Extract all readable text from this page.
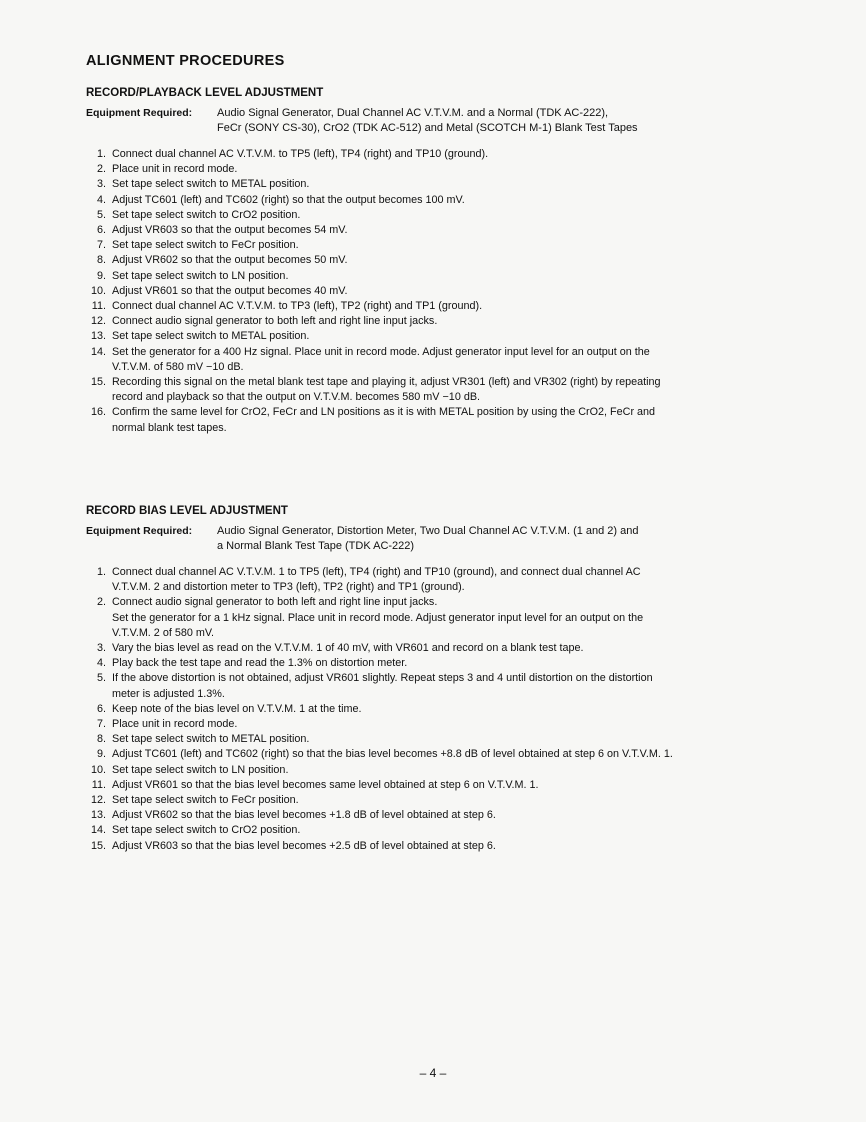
ALIGNMENT PROCEDURES
RECORD/PLAYBACK LEVEL ADJUSTMENT
Equipment Required:	Audio Signal Generator, Dual Channel AC V.T.V.M. and a Normal (TDK AC-222),
FeCr (SONY CS-30), CrO2 (TDK AC-512) and Metal (SCOTCH M-1) Blank Test Tapes
1. Connect dual channel AC V.T.V.M. to TP5 (left), TP4 (right) and TP10 (ground).
2. Place unit in record mode.
3. Set tape select switch to METAL position.
4. Adjust TC601 (left) and TC602 (right) so that the output becomes 100 mV.
5. Set tape select switch to CrO2 position.
6. Adjust VR603 so that the output becomes 54 mV.
7. Set tape select switch to FeCr position.
8. Adjust VR602 so that the output becomes 50 mV.
9. Set tape select switch to LN position.
10. Adjust VR601 so that the output becomes 40 mV.
11. Connect dual channel AC V.T.V.M. to TP3 (left), TP2 (right) and TP1 (ground).
12. Connect audio signal generator to both left and right line input jacks.
13. Set tape select switch to METAL position.
14. Set the generator for a 400 Hz signal. Place unit in record mode. Adjust generator input level for an output on the
V.T.V.M. of 580 mV −10 dB.
15. Recording this signal on the metal blank test tape and playing it, adjust VR301 (left) and VR302 (right) by repeating
record and playback so that the output on V.T.V.M. becomes 580 mV −10 dB.
16. Confirm the same level for CrO2, FeCr and LN positions as it is with METAL position by using the CrO2, FeCr and
normal blank test tapes.
RECORD BIAS LEVEL ADJUSTMENT
Equipment Required:	Audio Signal Generator, Distortion Meter, Two Dual Channel AC V.T.V.M. (1 and 2) and
a Normal Blank Test Tape (TDK AC-222)
1. Connect dual channel AC V.T.V.M. 1 to TP5 (left), TP4 (right) and TP10 (ground), and connect dual channel AC
V.T.V.M. 2 and distortion meter to TP3 (left), TP2 (right) and TP1 (ground).
2. Connect audio signal generator to both left and right line input jacks.
Set the generator for a 1 kHz signal. Place unit in record mode. Adjust generator input level for an output on the
V.T.V.M. 2 of 580 mV.
3. Vary the bias level as read on the V.T.V.M. 1 of 40 mV, with VR601 and record on a blank test tape.
4. Play back the test tape and read the 1.3% on distortion meter.
5. If the above distortion is not obtained, adjust VR601 slightly. Repeat steps 3 and 4 until distortion on the distortion
meter is adjusted 1.3%.
6. Keep note of the bias level on V.T.V.M. 1 at the time.
7. Place unit in record mode.
8. Set tape select switch to METAL position.
9. Adjust TC601 (left) and TC602 (right) so that the bias level becomes +8.8 dB of level obtained at step 6 on V.T.V.M. 1.
10. Set tape select switch to LN position.
11. Adjust VR601 so that the bias level becomes same level obtained at step 6 on V.T.V.M. 1.
12. Set tape select switch to FeCr position.
13. Adjust VR602 so that the bias level becomes +1.8 dB of level obtained at step 6.
14. Set tape select switch to CrO2 position.
15. Adjust VR603 so that the bias level becomes +2.5 dB of level obtained at step 6.
– 4 –
